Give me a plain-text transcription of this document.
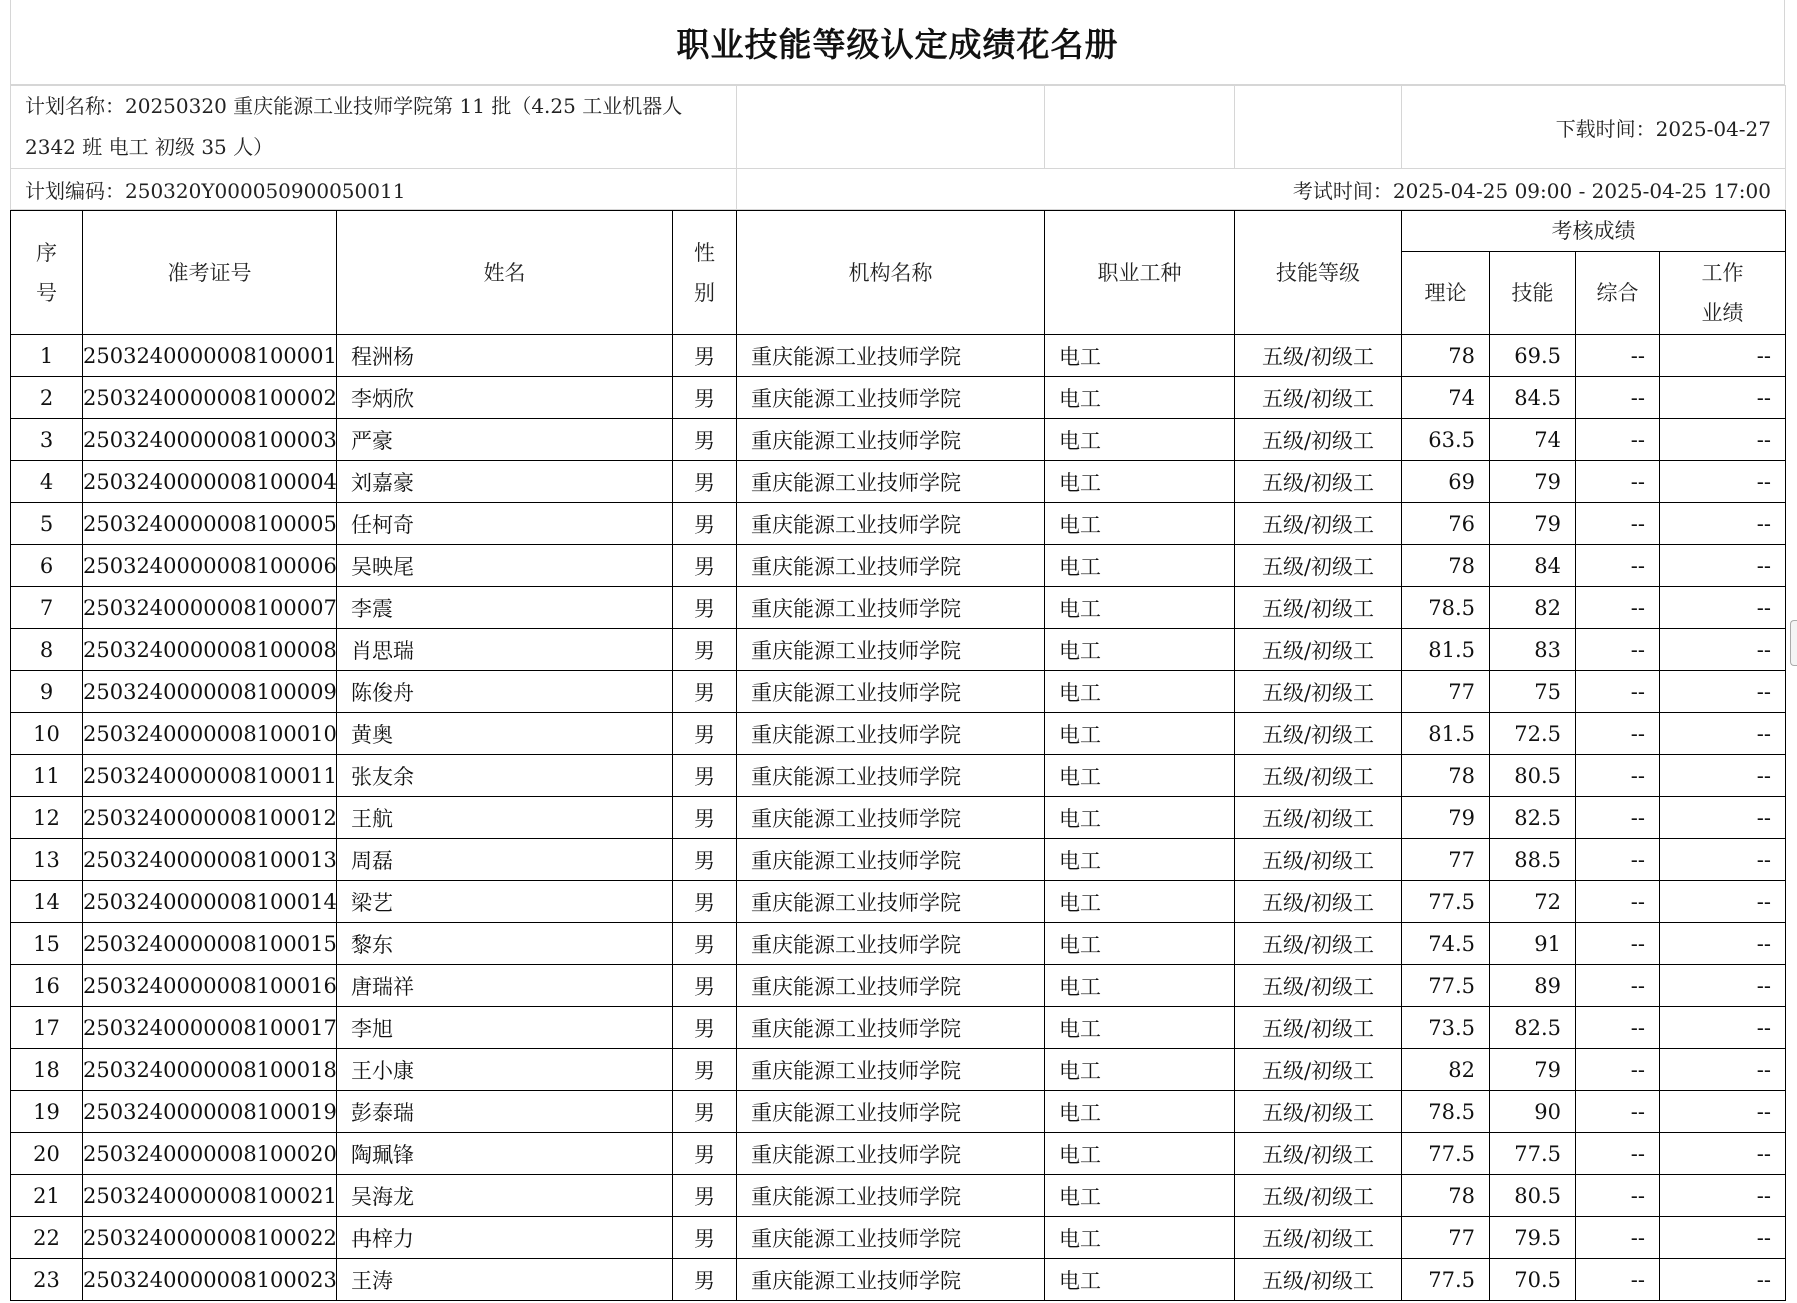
职业技能等级认定成绩花名册
计划名称：20250320 重庆能源工业技师学院第 11 批（4.25 工业机器人 2342 班 电工 初级 35 人）				下载时间：2025-04-27
计划编码：250320Y000050900050011	考试时间：2025-04-25 09:00 - 2025-04-25 17:00			
序号	准考证号	姓名	性别	机构名称	职业工种	技能等级	考核成绩			
							理论	技能	综合	工作业绩

1	2503240000008100001	程洲杨	男	重庆能源工业技师学院	电工	五级/初级工	78	69.5	--	--
2	2503240000008100002	李炳欣	男	重庆能源工业技师学院	电工	五级/初级工	74	84.5	--	--
3	2503240000008100003	严豪	男	重庆能源工业技师学院	电工	五级/初级工	63.5	74	--	--
4	2503240000008100004	刘嘉豪	男	重庆能源工业技师学院	电工	五级/初级工	69	79	--	--
5	2503240000008100005	任柯奇	男	重庆能源工业技师学院	电工	五级/初级工	76	79	--	--
6	2503240000008100006	吴映尾	男	重庆能源工业技师学院	电工	五级/初级工	78	84	--	--
7	2503240000008100007	李震	男	重庆能源工业技师学院	电工	五级/初级工	78.5	82	--	--
8	2503240000008100008	肖思瑞	男	重庆能源工业技师学院	电工	五级/初级工	81.5	83	--	--
9	2503240000008100009	陈俊舟	男	重庆能源工业技师学院	电工	五级/初级工	77	75	--	--
10	2503240000008100010	黄奥	男	重庆能源工业技师学院	电工	五级/初级工	81.5	72.5	--	--
11	2503240000008100011	张友余	男	重庆能源工业技师学院	电工	五级/初级工	78	80.5	--	--
12	2503240000008100012	王航	男	重庆能源工业技师学院	电工	五级/初级工	79	82.5	--	--
13	2503240000008100013	周磊	男	重庆能源工业技师学院	电工	五级/初级工	77	88.5	--	--
14	2503240000008100014	梁艺	男	重庆能源工业技师学院	电工	五级/初级工	77.5	72	--	--
15	2503240000008100015	黎东	男	重庆能源工业技师学院	电工	五级/初级工	74.5	91	--	--
16	2503240000008100016	唐瑞祥	男	重庆能源工业技师学院	电工	五级/初级工	77.5	89	--	--
17	2503240000008100017	李旭	男	重庆能源工业技师学院	电工	五级/初级工	73.5	82.5	--	--
18	2503240000008100018	王小康	男	重庆能源工业技师学院	电工	五级/初级工	82	79	--	--
19	2503240000008100019	彭泰瑞	男	重庆能源工业技师学院	电工	五级/初级工	78.5	90	--	--
20	2503240000008100020	陶珮锋	男	重庆能源工业技师学院	电工	五级/初级工	77.5	77.5	--	--
21	2503240000008100021	吴海龙	男	重庆能源工业技师学院	电工	五级/初级工	78	80.5	--	--
22	2503240000008100022	冉梓力	男	重庆能源工业技师学院	电工	五级/初级工	77	79.5	--	--
23	2503240000008100023	王涛	男	重庆能源工业技师学院	电工	五级/初级工	77.5	70.5	--	--
